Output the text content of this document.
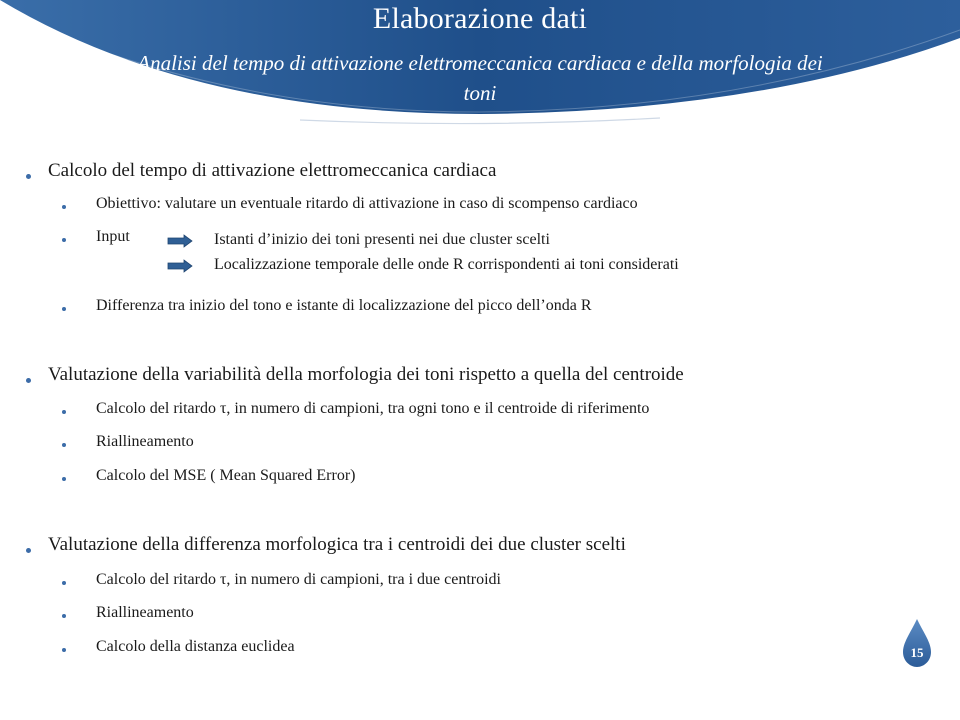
Elaborazione dati
Analisi del tempo di attivazione elettromeccanica cardiaca e della morfologia dei toni
Calcolo del tempo di attivazione elettromeccanica cardiaca
Obiettivo: valutare un eventuale ritardo di attivazione in caso di scompenso cardiaco
Input	Istanti d’inizio dei toni presenti nei due cluster scelti
Localizzazione temporale delle onde R corrispondenti ai toni considerati
Differenza tra inizio del tono e istante di localizzazione del picco dell’onda R
Valutazione della variabilità della morfologia dei toni rispetto a quella del centroide
Calcolo del ritardo τ, in numero di campioni, tra ogni tono e il centroide di riferimento
Riallineamento
Calcolo del MSE ( Mean Squared Error)
Valutazione della differenza morfologica tra i centroidi dei due cluster scelti
Calcolo del ritardo τ, in numero di campioni, tra i due centroidi
Riallineamento
Calcolo della distanza euclidea	15
